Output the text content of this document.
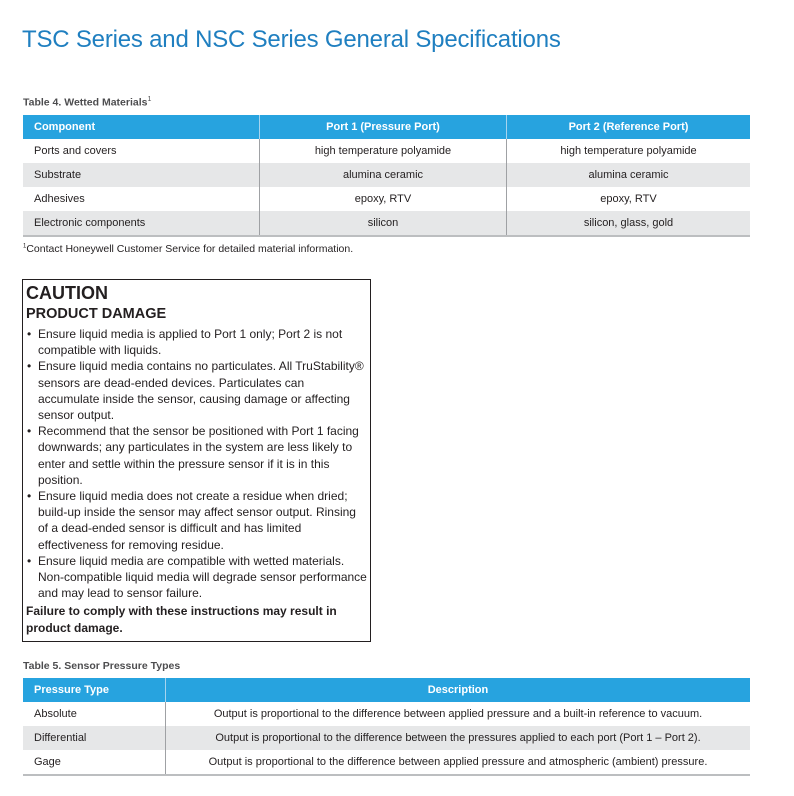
TSC Series and NSC Series General Specifications
Table 4. Wetted Materials$^1$
Component	Port 1 (Pressure Port)	Port 2 (Reference Port)
Ports and covers	high temperature polyamide	high temperature polyamide
Substrate	alumina ceramic	alumina ceramic
Adhesives	epoxy, RTV	epoxy, RTV
Electronic components	silicon	silicon, glass, gold
$^1$Contact Honeywell Customer Service for detailed material information.
CAUTION
PRODUCT DAMAGE
• Ensure liquid media is applied to Port 1 only; Port 2 is not compatible with liquids.
• Ensure liquid media contains no particulates. All TruStability® sensors are dead-ended devices. Particulates can accumulate inside the sensor, causing damage or affecting sensor output.
• Recommend that the sensor be positioned with Port 1 facing downwards; any particulates in the system are less likely to enter and settle within the pressure sensor if it is in this position.
• Ensure liquid media does not create a residue when dried; build-up inside the sensor may affect sensor output. Rinsing of a dead-ended sensor is difficult and has limited effectiveness for removing residue.
• Ensure liquid media are compatible with wetted materials. Non-compatible liquid media will degrade sensor performance and may lead to sensor failure.
Failure to comply with these instructions may result in product damage.
Table 5. Sensor Pressure Types
Pressure Type	Description
Absolute	Output is proportional to the difference between applied pressure and a built-in reference to vacuum.
Differential	Output is proportional to the difference between the pressures applied to each port (Port 1 – Port 2).
Gage	Output is proportional to the difference between applied pressure and atmospheric (ambient) pressure.
